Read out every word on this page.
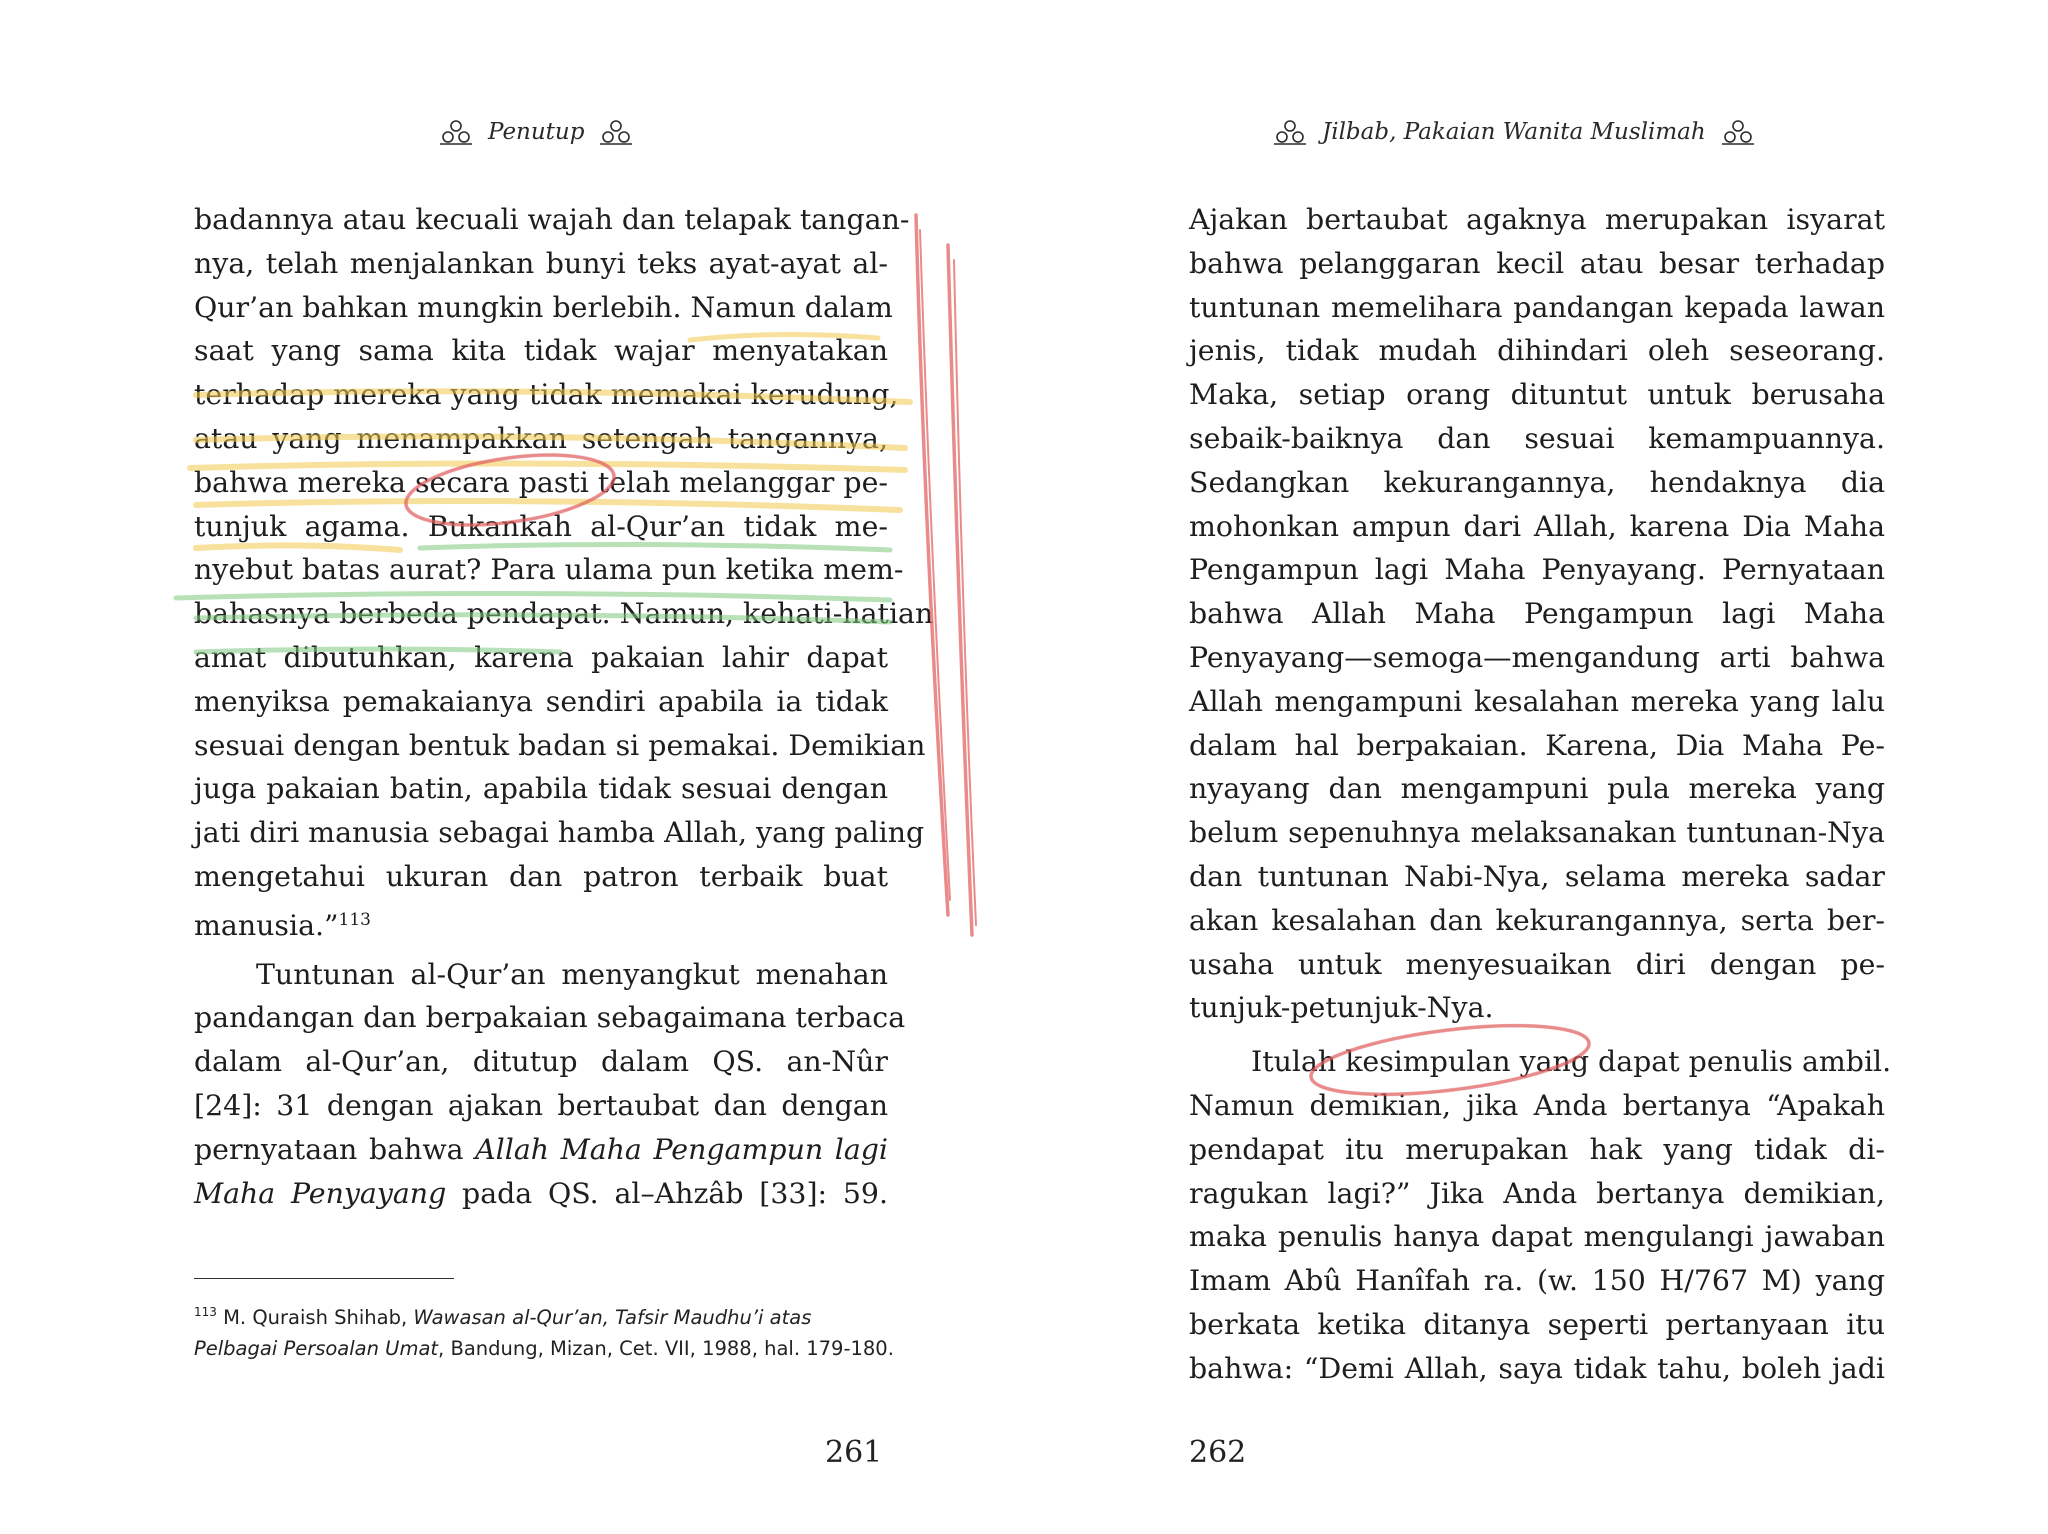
Penutup
badannya atau kecuali wajah dan telapak tangan-
nya, telah menjalankan bunyi teks ayat-ayat al-
Qur’an bahkan mungkin berlebih. Namun dalam
saat yang sama kita tidak wajar menyatakan
terhadap mereka yang tidak memakai kerudung,
atau yang menampakkan setengah tangannya,
bahwa mereka secara pasti telah melanggar pe-
tunjuk agama. Bukankah al-Qur’an tidak me-
nyebut batas aurat? Para ulama pun ketika mem-
bahasnya berbeda pendapat. Namun, kehati-hatian
amat dibutuhkan, karena pakaian lahir dapat
menyiksa pemakaianya sendiri apabila ia tidak
sesuai dengan bentuk badan si pemakai. Demikian
juga pakaian batin, apabila tidak sesuai dengan
jati diri manusia sebagai hamba Allah, yang paling
mengetahui ukuran dan patron terbaik buat
manusia.”$^{113}$
Tuntunan al-Qur’an menyangkut menahan
pandangan dan berpakaian sebagaimana terbaca
dalam al-Qur’an, ditutup dalam QS. an-Nûr
[24]: 31 dengan ajakan bertaubat dan dengan
pernyataan bahwa Allah Maha Pengampun lagi
Maha Penyayang pada QS. al–Ahzâb [33]: 59.
$^{113}$ M. Quraish Shihab, Wawasan al-Qur’an, Tafsir Maudhu’i atas Pelbagai Persoalan Umat, Bandung, Mizan, Cet. VII, 1988, hal. 179-180.
261
Jilbab, Pakaian Wanita Muslimah
Ajakan bertaubat agaknya merupakan isyarat
bahwa pelanggaran kecil atau besar terhadap
tuntunan memelihara pandangan kepada lawan
jenis, tidak mudah dihindari oleh seseorang.
Maka, setiap orang dituntut untuk berusaha
sebaik-baiknya dan sesuai kemampuannya.
Sedangkan kekurangannya, hendaknya dia
mohonkan ampun dari Allah, karena Dia Maha
Pengampun lagi Maha Penyayang. Pernyataan
bahwa Allah Maha Pengampun lagi Maha
Penyayang—semoga—mengandung arti bahwa
Allah mengampuni kesalahan mereka yang lalu
dalam hal berpakaian. Karena, Dia Maha Pe-
nyayang dan mengampuni pula mereka yang
belum sepenuhnya melaksanakan tuntunan-Nya
dan tuntunan Nabi-Nya, selama mereka sadar
akan kesalahan dan kekurangannya, serta ber-
usaha untuk menyesuaikan diri dengan pe-
tunjuk-petunjuk-Nya.
Itulah kesimpulan yang dapat penulis ambil.
Namun demikian, jika Anda bertanya “Apakah
pendapat itu merupakan hak yang tidak di-
ragukan lagi?” Jika Anda bertanya demikian,
maka penulis hanya dapat mengulangi jawaban
Imam Abû Hanîfah ra. (w. 150 H/767 M) yang
berkata ketika ditanya seperti pertanyaan itu
bahwa: “Demi Allah, saya tidak tahu, boleh jadi
262
